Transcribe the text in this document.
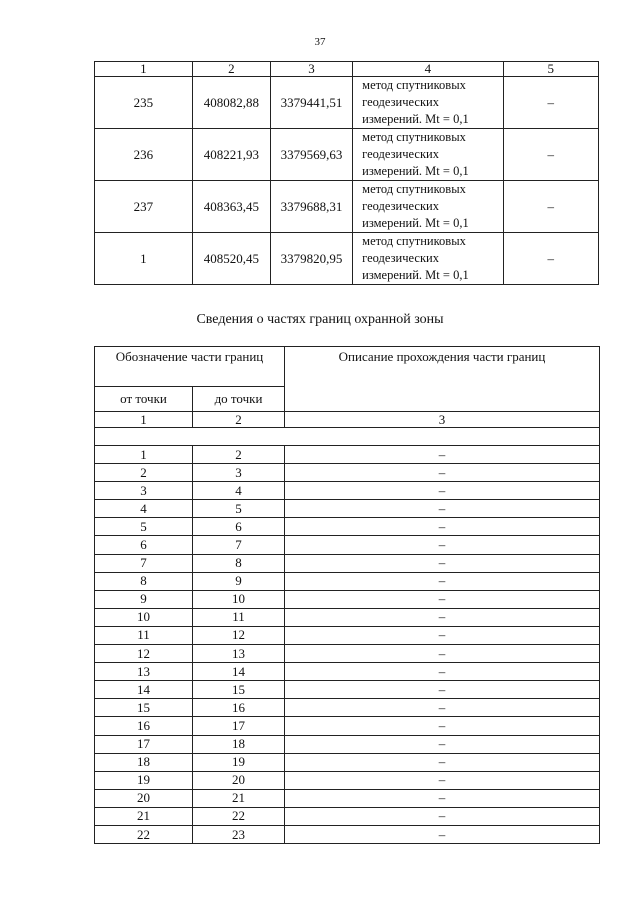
37
1	2	3	4	5
235	408082,88	3379441,51	метод спутниковых
геодезических
измерений. Mt = 0,1	–
236	408221,93	3379569,63	метод спутниковых
геодезических
измерений. Mt = 0,1	–
237	408363,45	3379688,31	метод спутниковых
геодезических
измерений. Mt = 0,1	–
1	408520,45	3379820,95	метод спутниковых
геодезических
измерений. Mt = 0,1	–
Сведения о частях границ охранной зоны
Обозначение части границ		Описание прохождения части границ
от точки	до точки	
1	2	3

1	2	–
2	3	–
3	4	–
4	5	–
5	6	–
6	7	–
7	8	–
8	9	–
9	10	–
10	11	–
11	12	–
12	13	–
13	14	–
14	15	–
15	16	–
16	17	–
17	18	–
18	19	–
19	20	–
20	21	–
21	22	–
22	23	–
